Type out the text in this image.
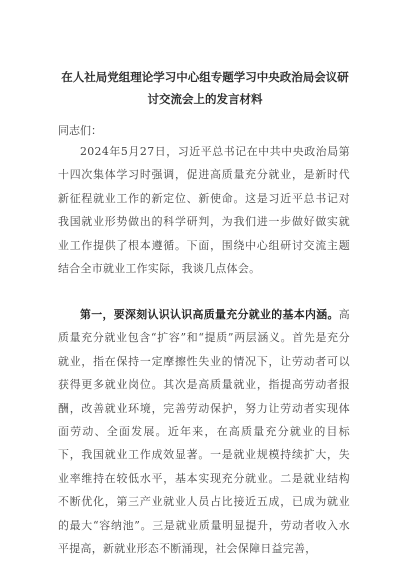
在人社局党组理论学习中心组专题学习中央政治局会议研
讨交流会上的发言材料

同志们：

2024年5月27日，习近平总书记在中共中央政治局第十四次集体学习时强调，促进高质量充分就业，是新时代新征程就业工作的新定位、新使命。这是习近平总书记对我国就业形势做出的科学研判，为我们进一步做好做实就业工作提供了根本遵循。下面，围绕中心组研讨交流主题结合全市就业工作实际，我谈几点体会。

第一，要深刻认识认识高质量充分就业的基本内涵。高质量充分就业包含“扩容”和“提质”两层涵义。首先是充分就业，指在保持一定摩擦性失业的情况下，让劳动者可以获得更多就业岗位。其次是高质量就业，指提高劳动者报酬，改善就业环境，完善劳动保护，努力让劳动者实现体面劳动、全面发展。近年来，在高质量充分就业的目标下，我国就业工作成效显著。一是就业规模持续扩大，失业率维持在较低水平，基本实现充分就业。二是就业结构不断优化，第三产业就业人员占比接近五成，已成为就业的最大“容纳池”。三是就业质量明显提升，劳动者收入水平提高，新就业形态不断涌现，社会保障日益完善，
